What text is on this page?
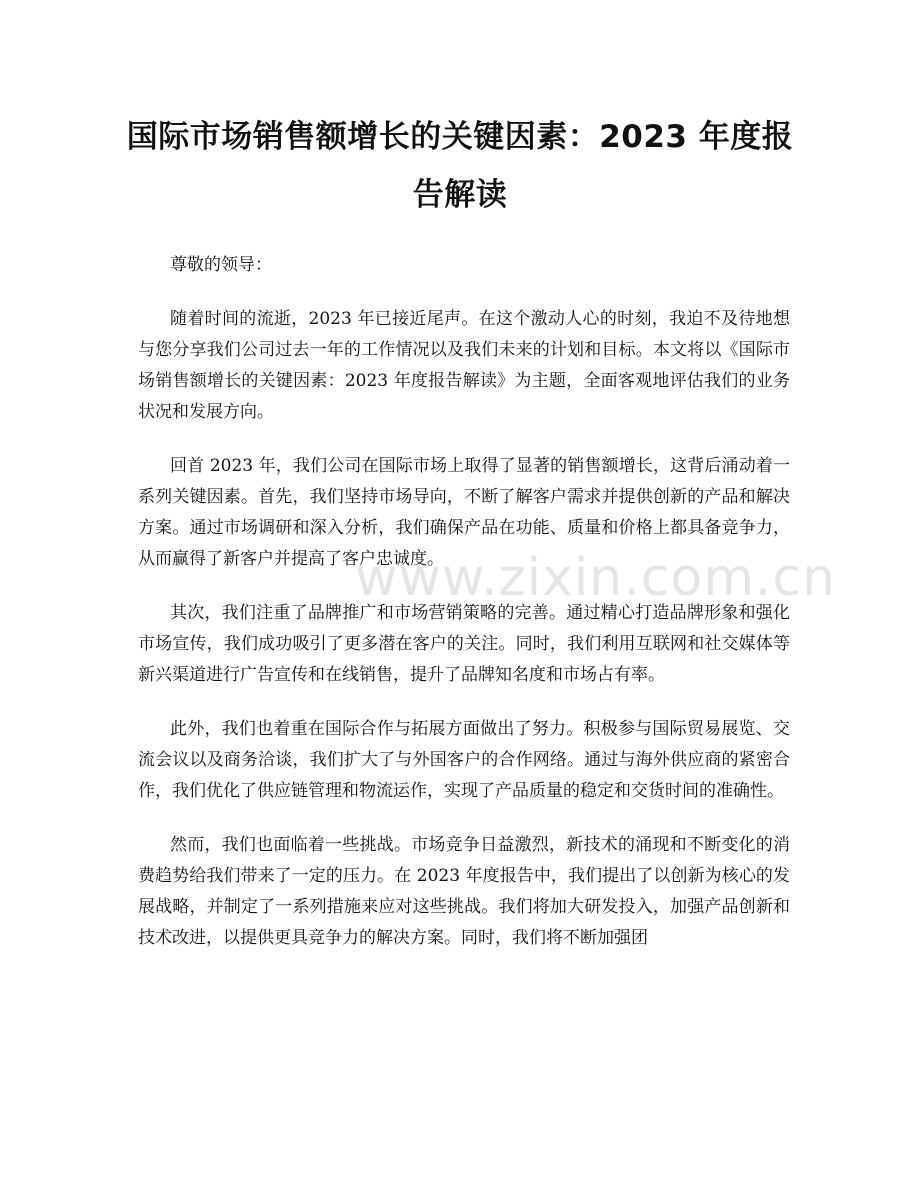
国际市场销售额增长的关键因素：2023 年度报告解读

尊敬的领导：

随着时间的流逝，2023 年已接近尾声。在这个激动人心的时刻，我迫不及待地想与您分享我们公司过去一年的工作情况以及我们未来的计划和目标。本文将以《国际市场销售额增长的关键因素：2023 年度报告解读》为主题，全面客观地评估我们的业务状况和发展方向。

回首 2023 年，我们公司在国际市场上取得了显著的销售额增长，这背后涌动着一系列关键因素。首先，我们坚持市场导向，不断了解客户需求并提供创新的产品和解决方案。通过市场调研和深入分析，我们确保产品在功能、质量和价格上都具备竞争力，从而赢得了新客户并提高了客户忠诚度。

其次，我们注重了品牌推广和市场营销策略的完善。通过精心打造品牌形象和强化市场宣传，我们成功吸引了更多潜在客户的关注。同时，我们利用互联网和社交媒体等新兴渠道进行广告宣传和在线销售，提升了品牌知名度和市场占有率。

此外，我们也着重在国际合作与拓展方面做出了努力。积极参与国际贸易展览、交流会议以及商务洽谈，我们扩大了与外国客户的合作网络。通过与海外供应商的紧密合作，我们优化了供应链管理和物流运作，实现了产品质量的稳定和交货时间的准确性。

然而，我们也面临着一些挑战。市场竞争日益激烈，新技术的涌现和不断变化的消费趋势给我们带来了一定的压力。在 2023 年度报告中，我们提出了以创新为核心的发展战略，并制定了一系列措施来应对这些挑战。我们将加大研发投入，加强产品创新和技术改进，以提供更具竞争力的解决方案。同时，我们将不断加强团

www.zixin.com.cn
